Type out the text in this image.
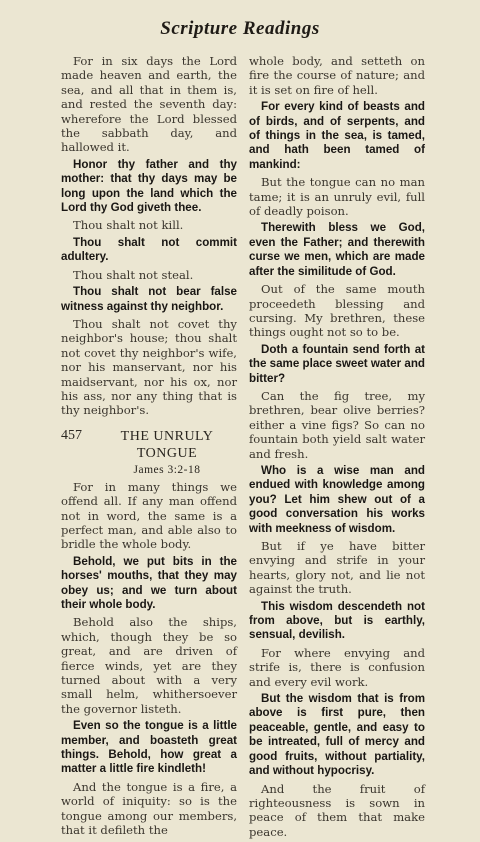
Scripture Readings

For in six days the Lord made heaven and earth, the sea, and all that in them is, and rested the seventh day: wherefore the Lord blessed the sabbath day, and hallowed it.

Honor thy father and thy mother: that thy days may be long upon the land which the Lord thy God giveth thee.

Thou shalt not kill.

Thou shalt not commit adultery.

Thou shalt not steal.

Thou shalt not bear false witness against thy neighbor.

Thou shalt not covet thy neighbor's house; thou shalt not covet thy neighbor's wife, nor his manservant, nor his maidservant, nor his ox, nor his ass, nor any thing that is thy neighbor's.

457	THE UNRULY TONGUE
James 3:2-18

For in many things we offend all. If any man offend not in word, the same is a perfect man, and able also to bridle the whole body.

Behold, we put bits in the horses' mouths, that they may obey us; and we turn about their whole body.

Behold also the ships, which, though they be so great, and are driven of fierce winds, yet are they turned about with a very small helm, whithersoever the governor listeth.

Even so the tongue is a little member, and boasteth great things. Behold, how great a matter a little fire kindleth!

And the tongue is a fire, a world of iniquity: so is the tongue among our members, that it defileth the

whole body, and setteth on fire the course of nature; and it is set on fire of hell.

For every kind of beasts and of birds, and of serpents, and of things in the sea, is tamed, and hath been tamed of mankind:

But the tongue can no man tame; it is an unruly evil, full of deadly poison.

Therewith bless we God, even the Father; and therewith curse we men, which are made after the similitude of God.

Out of the same mouth proceedeth blessing and cursing. My brethren, these things ought not so to be.

Doth a fountain send forth at the same place sweet water and bitter?

Can the fig tree, my brethren, bear olive berries? either a vine figs? So can no fountain both yield salt water and fresh.

Who is a wise man and endued with knowledge among you? Let him shew out of a good conversation his works with meekness of wisdom.

But if ye have bitter envying and strife in your hearts, glory not, and lie not against the truth.

This wisdom descendeth not from above, but is earthly, sensual, devilish.

For where envying and strife is, there is confusion and every evil work.

But the wisdom that is from above is first pure, then peaceable, gentle, and easy to be intreated, full of mercy and good fruits, without partiality, and without hypocrisy.

And the fruit of righteousness is sown in peace of them that make peace.
